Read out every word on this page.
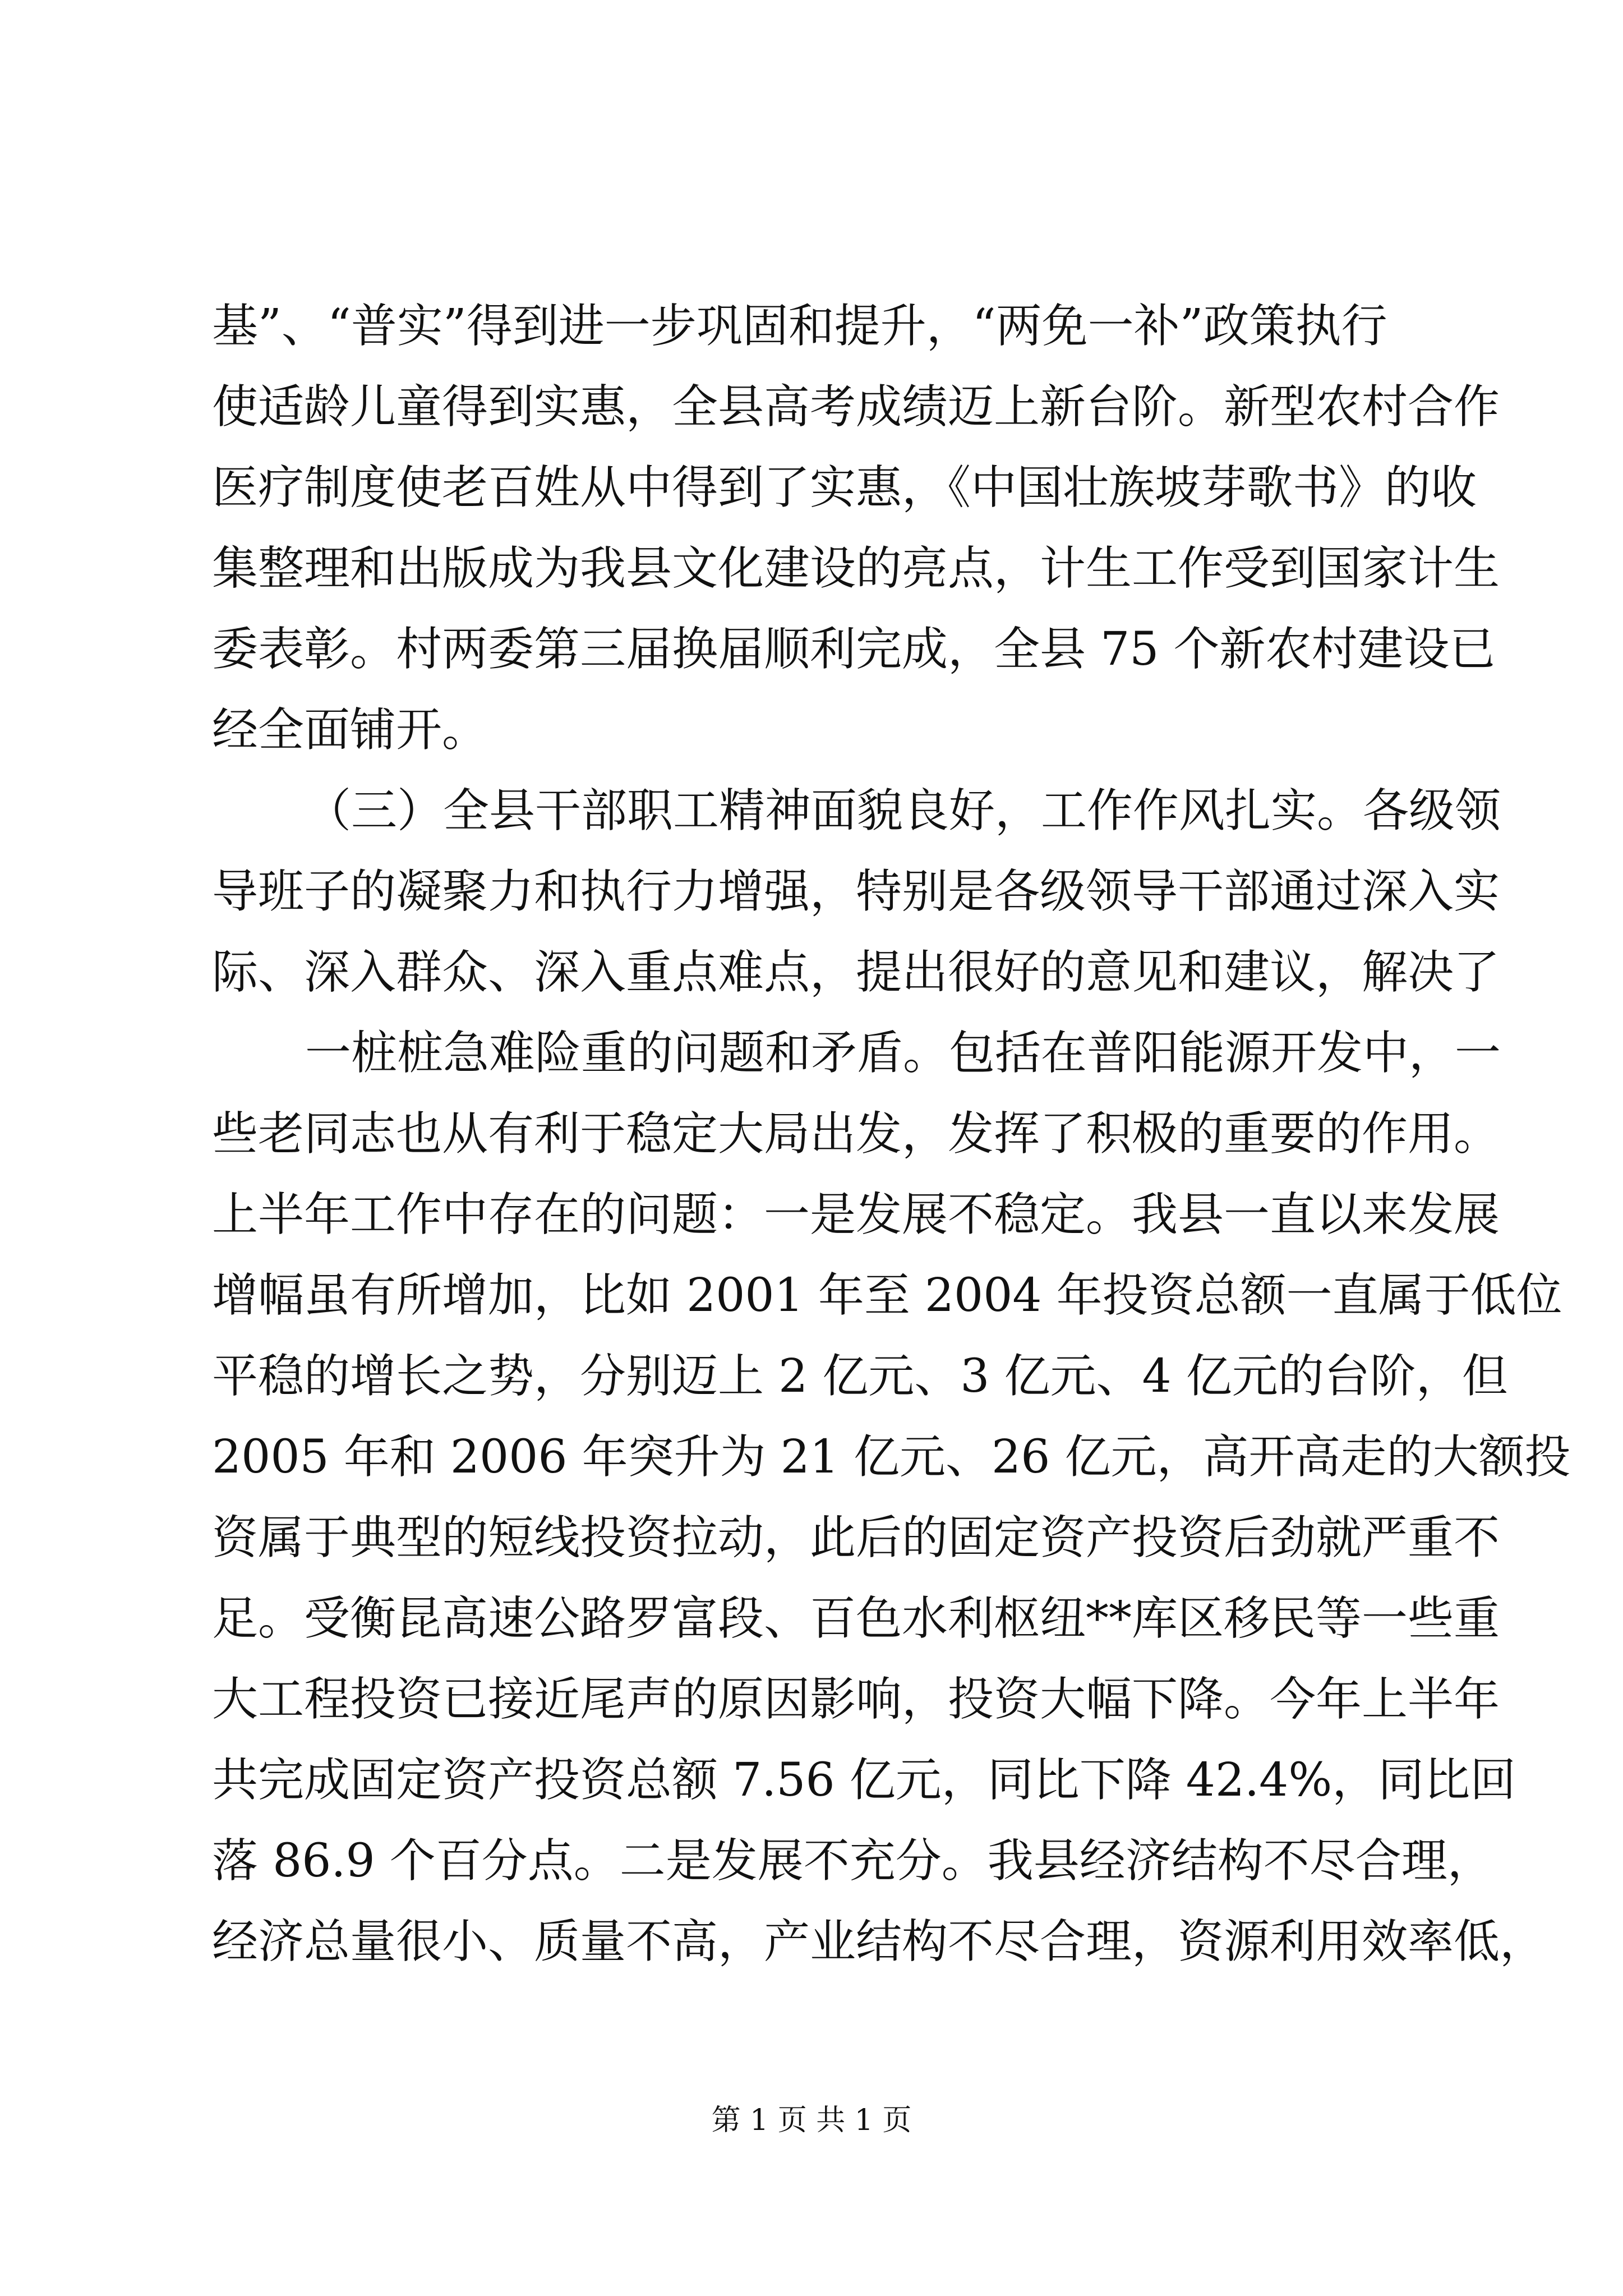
基”、“普实”得到进一步巩固和提升，“两免一补”政策执行
使适龄儿童得到实惠，全县高考成绩迈上新台阶。新型农村合作
医疗制度使老百姓从中得到了实惠，《中国壮族坡芽歌书》的收
集整理和出版成为我县文化建设的亮点，计生工作受到国家计生
委表彰。村两委第三届换届顺利完成，全县 75 个新农村建设已
经全面铺开。
（三）全县干部职工精神面貌良好，工作作风扎实。各级领
导班子的凝聚力和执行力增强，特别是各级领导干部通过深入实
际、深入群众、深入重点难点，提出很好的意见和建议，解决了
一桩桩急难险重的问题和矛盾。包括在普阳能源开发中，一
些老同志也从有利于稳定大局出发，发挥了积极的重要的作用。
上半年工作中存在的问题：一是发展不稳定。我县一直以来发展
增幅虽有所增加，比如 2001 年至 2004 年投资总额一直属于低位
平稳的增长之势，分别迈上 2 亿元、3 亿元、4 亿元的台阶，但
2005 年和 2006 年突升为 21 亿元、26 亿元，高开高走的大额投
资属于典型的短线投资拉动，此后的固定资产投资后劲就严重不
足。受衡昆高速公路罗富段、百色水利枢纽**库区移民等一些重
大工程投资已接近尾声的原因影响，投资大幅下降。今年上半年
共完成固定资产投资总额 7.56 亿元，同比下降 42.4%，同比回
落 86.9 个百分点。二是发展不充分。我县经济结构不尽合理，
经济总量很小、质量不高，产业结构不尽合理，资源利用效率低，
第 1 页 共 1 页
